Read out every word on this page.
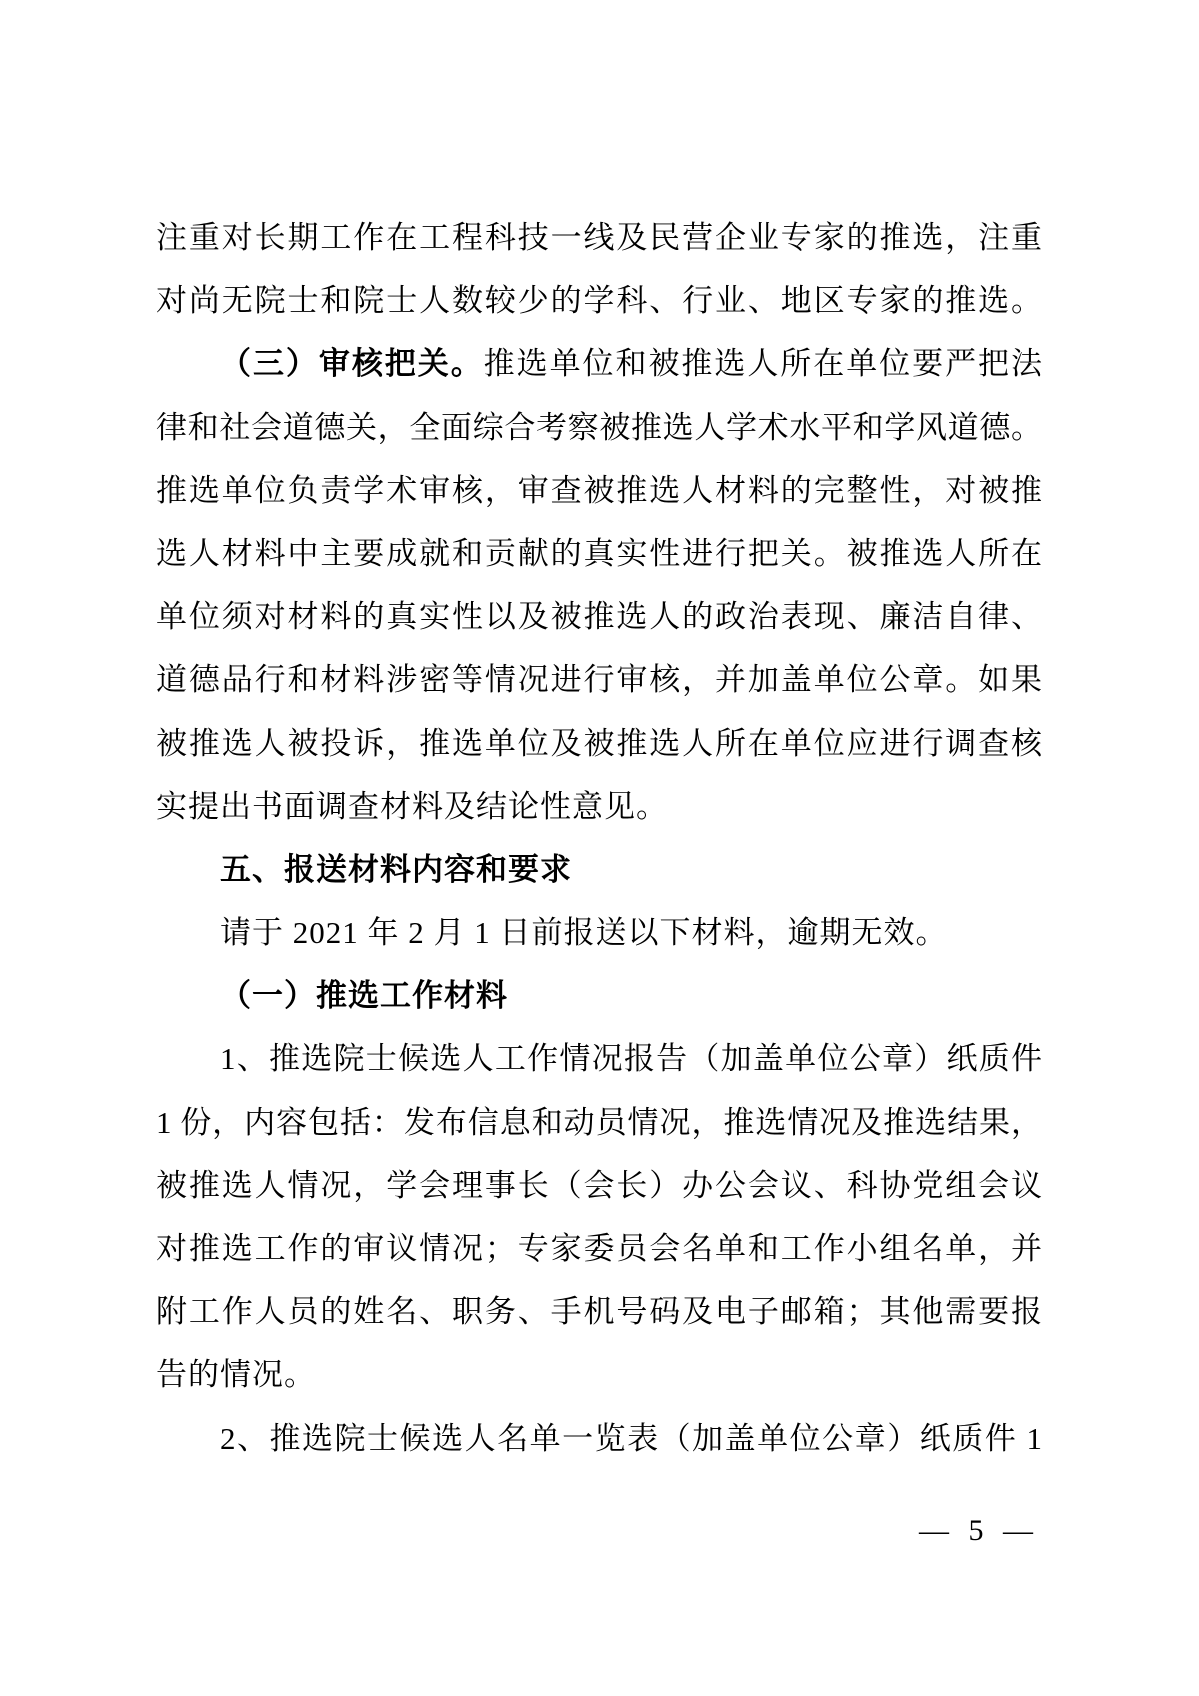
注重对长期工作在工程科技一线及民营企业专家的推选，注重
对尚无院士和院士人数较少的学科、行业、地区专家的推选。
（三）审核把关。推选单位和被推选人所在单位要严把法
律和社会道德关，全面综合考察被推选人学术水平和学风道德。
推选单位负责学术审核，审查被推选人材料的完整性，对被推
选人材料中主要成就和贡献的真实性进行把关。被推选人所在
单位须对材料的真实性以及被推选人的政治表现、廉洁自律、
道德品行和材料涉密等情况进行审核，并加盖单位公章。如果
被推选人被投诉，推选单位及被推选人所在单位应进行调查核
实提出书面调查材料及结论性意见。
五、报送材料内容和要求
请于 2021 年 2 月 1 日前报送以下材料，逾期无效。
（一）推选工作材料
1、推选院士候选人工作情况报告（加盖单位公章）纸质件
1 份，内容包括：发布信息和动员情况，推选情况及推选结果，
被推选人情况，学会理事长（会长）办公会议、科协党组会议
对推选工作的审议情况；专家委员会名单和工作小组名单，并
附工作人员的姓名、职务、手机号码及电子邮箱；其他需要报
告的情况。
2、推选院士候选人名单一览表（加盖单位公章）纸质件 1
— 5 —
